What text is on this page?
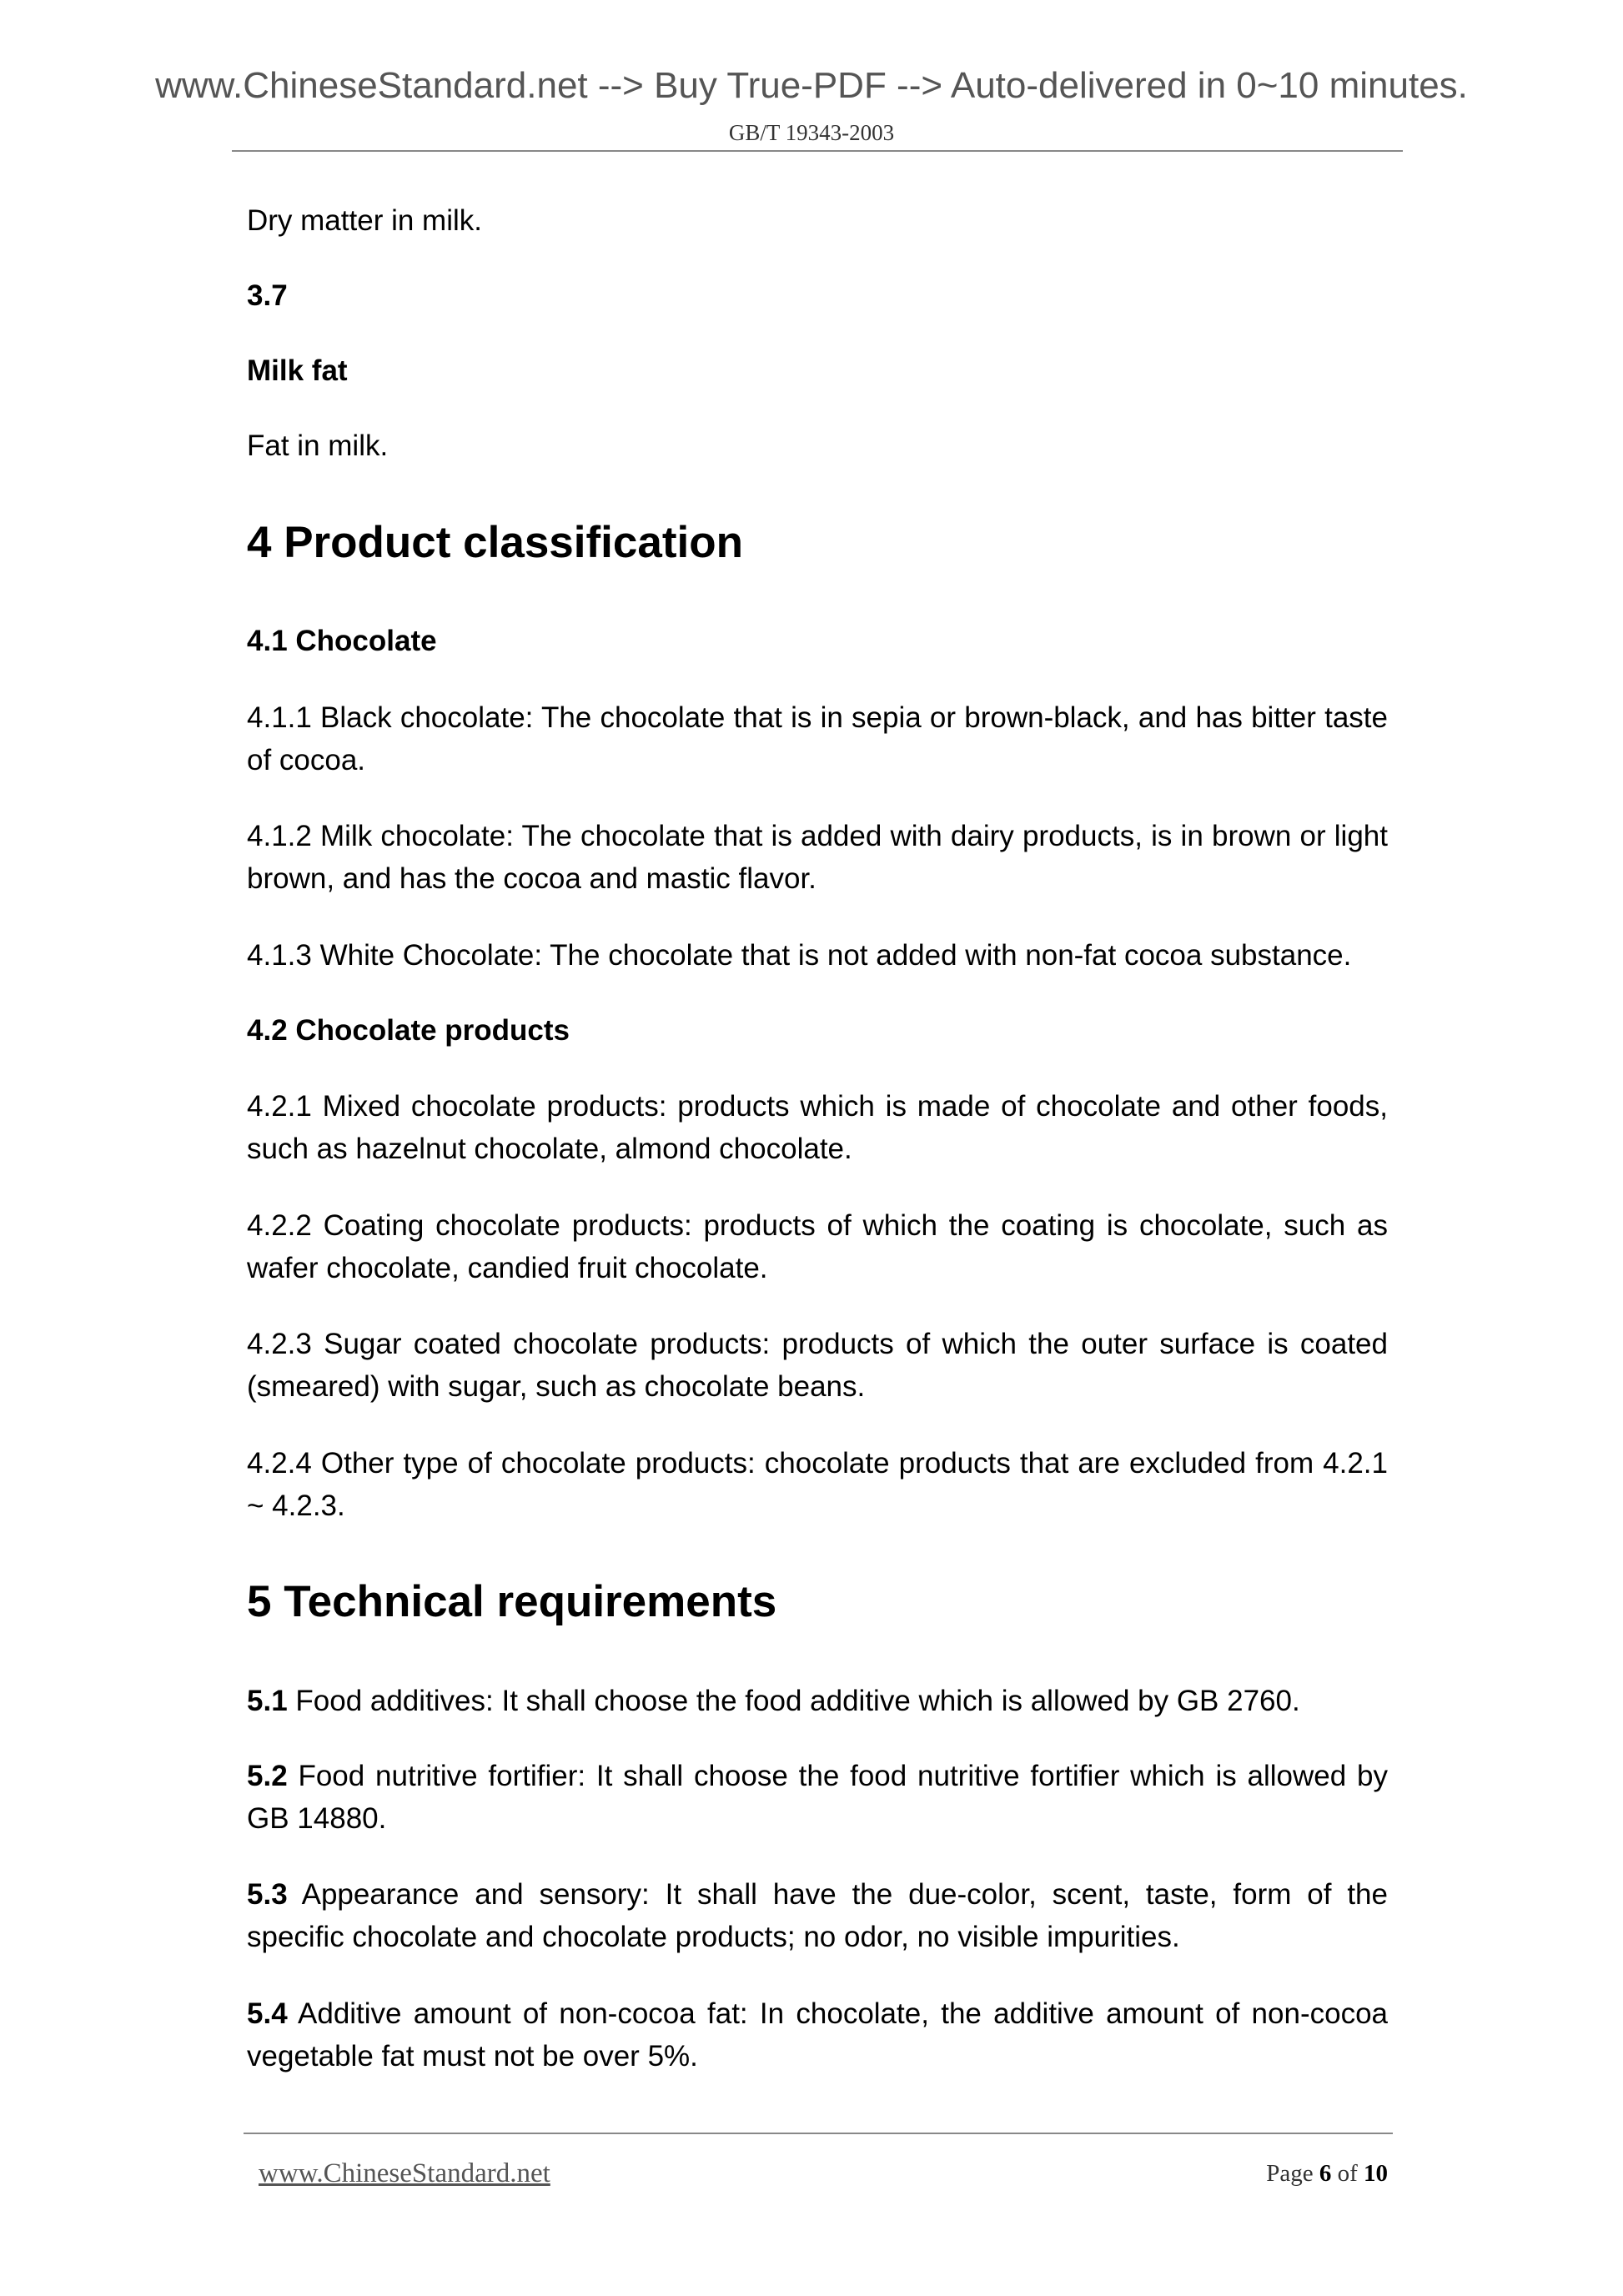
www.ChineseStandard.net --> Buy True-PDF --> Auto-delivered in 0~10 minutes.
GB/T 19343-2003
Dry matter in milk.
3.7
Milk fat
Fat in milk.
4 Product classification
4.1 Chocolate
4.1.1 Black chocolate: The chocolate that is in sepia or brown-black, and has bitter taste of cocoa.
4.1.2 Milk chocolate: The chocolate that is added with dairy products, is in brown or light brown, and has the cocoa and mastic flavor.
4.1.3 White Chocolate: The chocolate that is not added with non-fat cocoa substance.
4.2 Chocolate products
4.2.1 Mixed chocolate products: products which is made of chocolate and other foods, such as hazelnut chocolate, almond chocolate.
4.2.2 Coating chocolate products: products of which the coating is chocolate, such as wafer chocolate, candied fruit chocolate.
4.2.3 Sugar coated chocolate products: products of which the outer surface is coated (smeared) with sugar, such as chocolate beans.
4.2.4 Other type of chocolate products: chocolate products that are excluded from 4.2.1 ~ 4.2.3.
5 Technical requirements
5.1 Food additives: It shall choose the food additive which is allowed by GB 2760.
5.2 Food nutritive fortifier: It shall choose the food nutritive fortifier which is allowed by GB 14880.
5.3 Appearance and sensory: It shall have the due-color, scent, taste, form of the specific chocolate and chocolate products; no odor, no visible impurities.
5.4 Additive amount of non-cocoa fat: In chocolate, the additive amount of non-cocoa vegetable fat must not be over 5%.
www.ChineseStandard.net	Page 6 of 10
